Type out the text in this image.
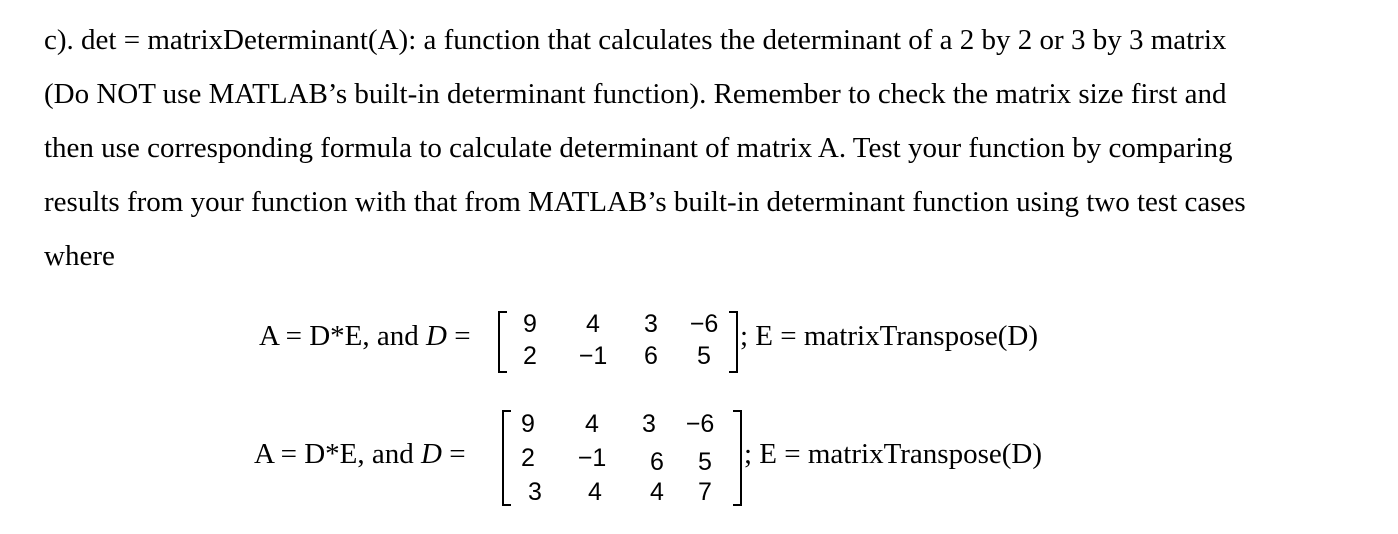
c). det = matrixDeterminant(A): a function that calculates the determinant of a 2 by 2 or 3 by 3 matrix
(Do NOT use MATLAB’s built-in determinant function). Remember to check the matrix size first and
then use corresponding formula to calculate determinant of matrix A. Test your function by comparing
results from your function with that from MATLAB’s built-in determinant function using two test cases
where
A = D*E, and D = 9 4 3 −6
2 −1 6 5
; E = matrixTranspose(D)
A = D*E, and D =
9 4 3 −6
2 −1 6 5
3 4 4 7
; E = matrixTranspose(D)
